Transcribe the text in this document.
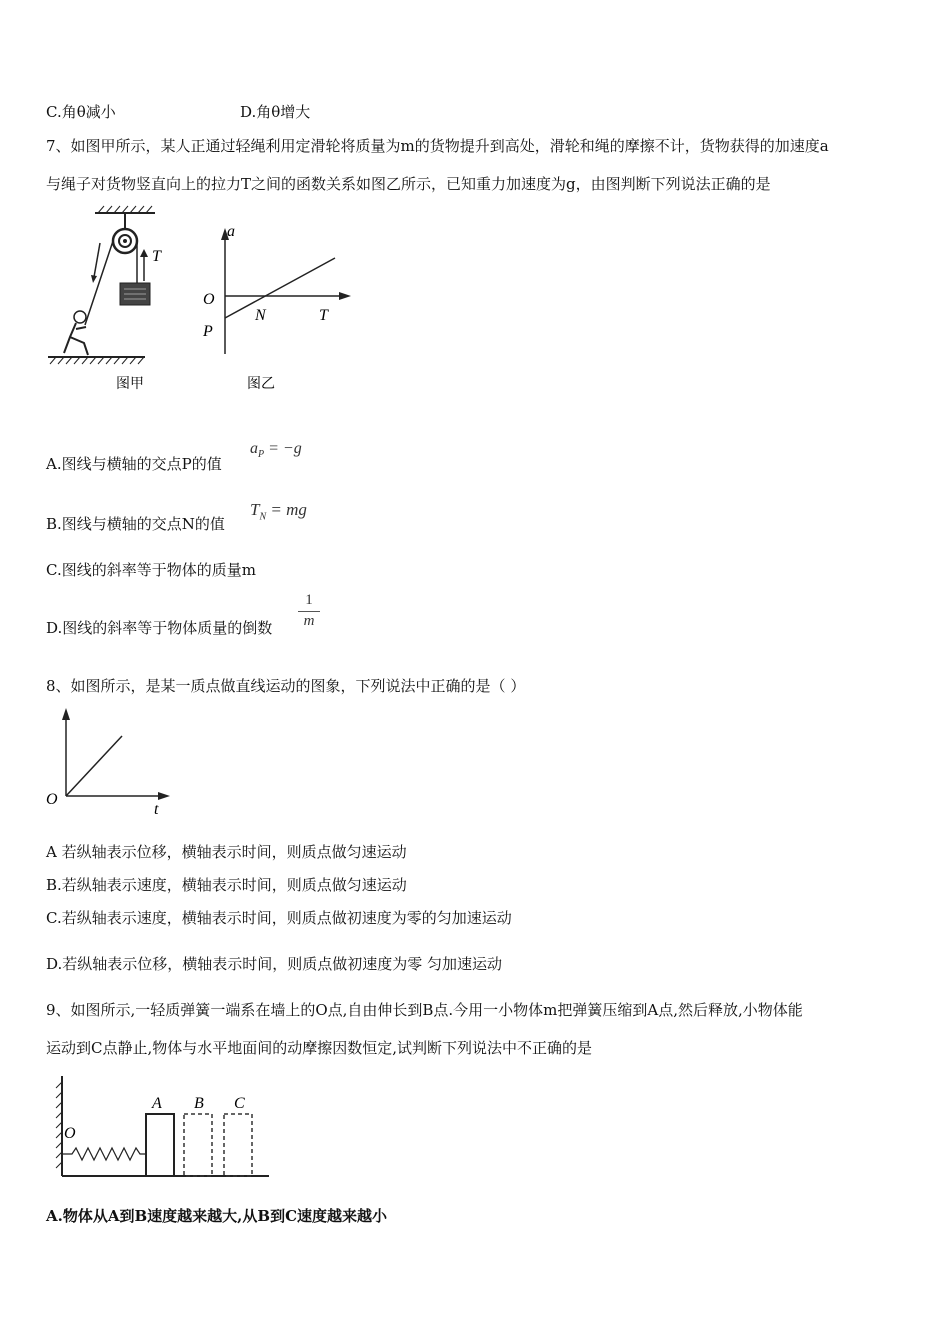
C.角θ减小	D.角θ增大
7、如图甲所示，某人正通过轻绳利用定滑轮将质量为m的货物提升到高处，滑轮和绳的摩擦不计，货物获得的加速度a
与绳子对货物竖直向上的拉力T之间的函数关系如图乙所示，已知重力加速度为g，由图判断下列说法正确的是
T
图甲
a
O
P
N	T
图乙
A.图线与横轴的交点P的值
$a_P = -g$
B.图线与横轴的交点N的值
$T_N$ = mg
C.图线的斜率等于物体的质量m
D.图线的斜率等于物体质量的倒数
1
m
8、如图所示，是某一质点做直线运动的图象，下列说法中正确的是（ ）
O
t
A 若纵轴表示位移，横轴表示时间，则质点做匀速运动
B.若纵轴表示速度，横轴表示时间，则质点做匀速运动
C.若纵轴表示速度，横轴表示时间，则质点做初速度为零的匀加速运动
D.若纵轴表示位移，横轴表示时间，则质点做初速度为零 匀加速运动
9、如图所示,一轻质弹簧一端系在墙上的O点,自由伸长到B点.今用一小物体m把弹簧压缩到A点,然后释放,小物体能
运动到C点静止,物体与水平地面间的动摩擦因数恒定,试判断下列说法中不正确的是
O
A B C
A.物体从A到B速度越来越大,从B到C速度越来越小
